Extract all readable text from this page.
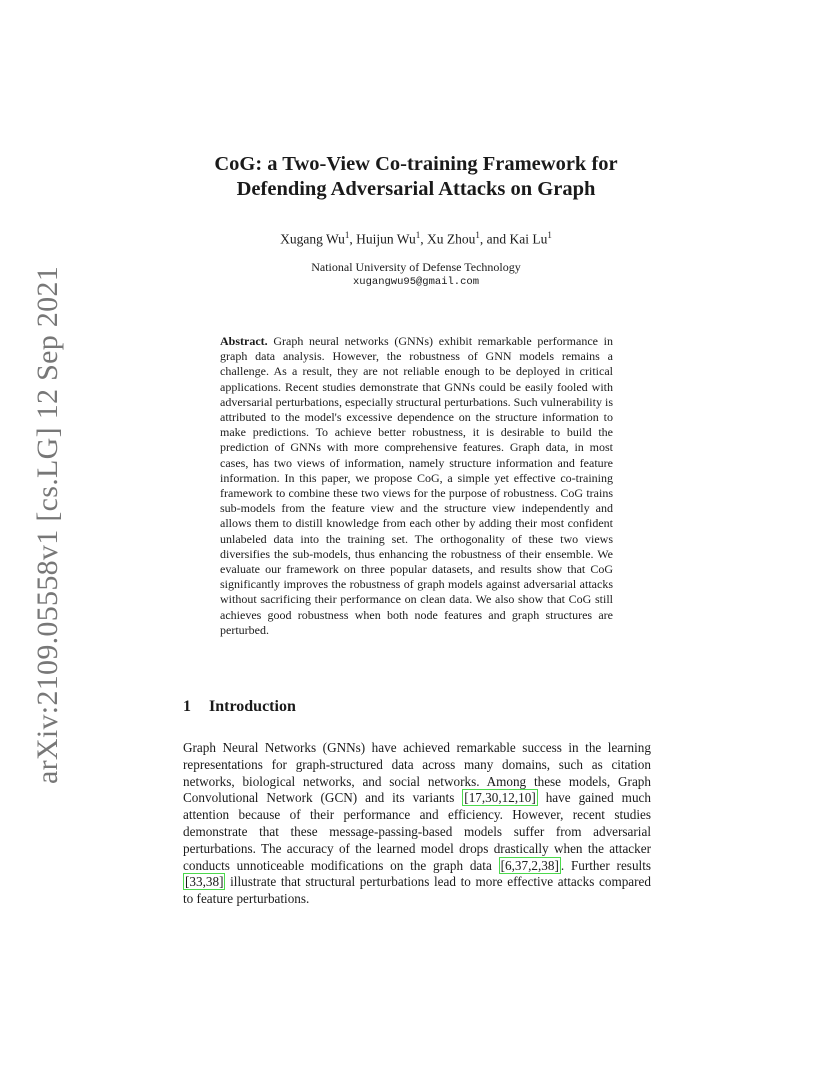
arXiv:2109.05558v1 [cs.LG] 12 Sep 2021
CoG: a Two-View Co-training Framework for
Defending Adversarial Attacks on Graph
Xugang Wu$^1$, Huijun Wu$^1$, Xu Zhou$^1$, and Kai Lu$^1$
National University of Defense Technology
xugangwu95@gmail.com

Abstract. Graph neural networks (GNNs) exhibit remarkable performance in graph data analysis. However, the robustness of GNN models remains a challenge. As a result, they are not reliable enough to be deployed in critical applications. Recent studies demonstrate that GNNs could be easily fooled with adversarial perturbations, especially structural perturbations. Such vulnerability is attributed to the model's excessive dependence on the structure information to make predictions. To achieve better robustness, it is desirable to build the prediction of GNNs with more comprehensive features. Graph data, in most cases, has two views of information, namely structure information and feature information. In this paper, we propose CoG, a simple yet effective co-training framework to combine these two views for the purpose of robustness. CoG trains sub-models from the feature view and the structure view independently and allows them to distill knowledge from each other by adding their most confident unlabeled data into the training set. The orthogonality of these two views diversifies the sub-models, thus enhancing the robustness of their ensemble. We evaluate our framework on three popular datasets, and results show that CoG significantly improves the robustness of graph models against adversarial attacks without sacrificing their performance on clean data. We also show that CoG still achieves good robustness when both node features and graph structures are perturbed.

1 Introduction

Graph Neural Networks (GNNs) have achieved remarkable success in the learning representations for graph-structured data across many domains, such as citation networks, biological networks, and social networks. Among these models, Graph Convolutional Network (GCN) and its variants [17,30,12,10] have gained much attention because of their performance and efficiency. However, recent studies demonstrate that these message-passing-based models suffer from adversarial perturbations. The accuracy of the learned model drops drastically when the attacker conducts unnoticeable modifications on the graph data [6,37,2,38] . Further results [33,38] illustrate that structural perturbations lead to more effective attacks compared to feature perturbations.
